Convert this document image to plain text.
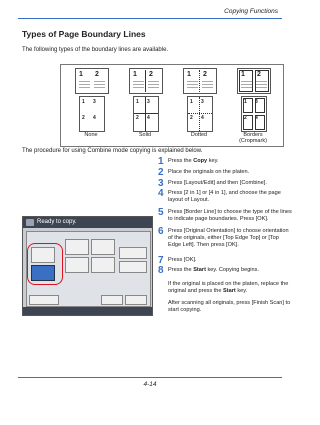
Copying Functions
Types of Page Boundary Lines
The following types of the boundary lines are available.
1 2
1 3
2 4
None
1 2
1 3
2 4
Solid
1 2
1 3
2 4
Dotted
1 2
1 3
2 4
Borders
(Cropmark)
The procedure for using Combine mode copying is explained below.
Ready to copy.
1 Press the Copy key.
2 Place the originals on the platen.
3 Press [Layout/Edit] and then [Combine].
4 Press [2 in 1] or [4 in 1], and choose the page layout of Layout.
5 Press [Border Line] to choose the type of the lines to indicate page boundaries. Press [OK].
6 Press [Original Orientation] to choose orientation of the originals, either [Top Edge Top] or [Top Edge Left]. Then press [OK].
7 Press [OK].
8 Press the Start key. Copying begins.
If the original is placed on the platen, replace the original and press the Start key.
After scanning all originals, press [Finish Scan] to start copying.
4-14
